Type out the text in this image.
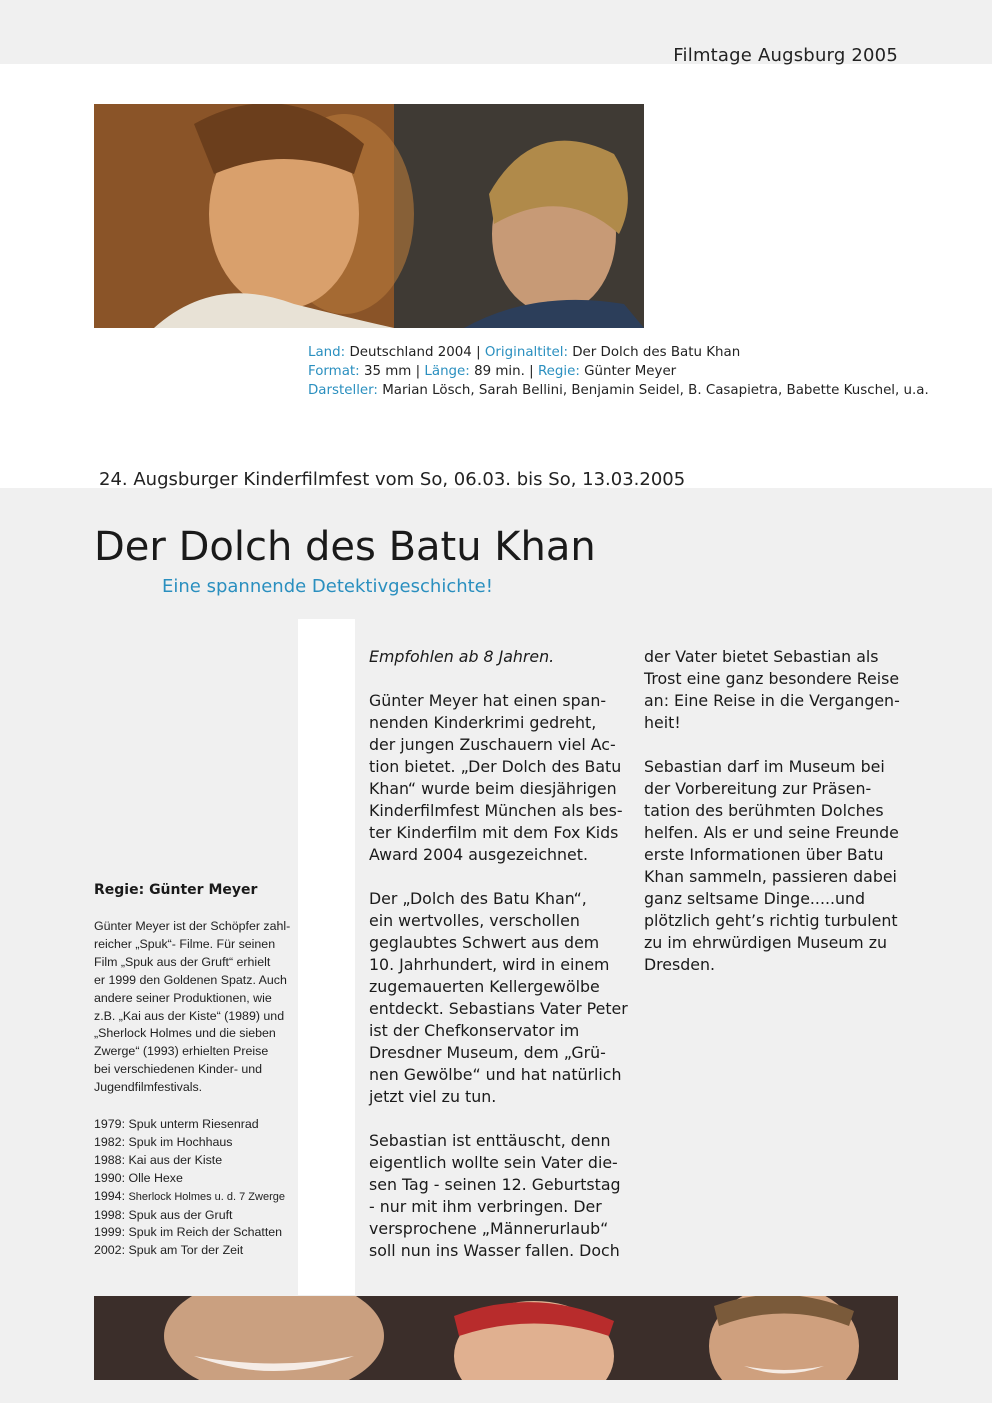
Filmtage Augsburg 2005
Land: Deutschland 2004 | Originaltitel: Der Dolch des Batu Khan
Format: 35 mm | Länge: 89 min. | Regie: Günter Meyer
Darsteller: Marian Lösch, Sarah Bellini, Benjamin Seidel, B. Casapietra, Babette Kuschel, u.a.
24. Augsburger Kinderfilmfest vom So, 06.03. bis So, 13.03.2005
Der Dolch des Batu Khan
Eine spannende Detektivgeschichte!
Regie: Günter Meyer

Günter Meyer ist der Schöpfer zahl-
reicher „Spuk“- Filme. Für seinen
Film „Spuk aus der Gruft“ erhielt
er 1999 den Goldenen Spatz. Auch
andere seiner Produktionen, wie
z.B. „Kai aus der Kiste“ (1989) und
„Sherlock Holmes und die sieben
Zwerge“ (1993) erhielten Preise
bei verschiedenen Kinder- und
Jugendfilmfestivals.

1979: Spuk unterm Riesenrad
1982: Spuk im Hochhaus
1988: Kai aus der Kiste
1990: Olle Hexe
1994: Sherlock Holmes u. d. 7 Zwerge
1998: Spuk aus der Gruft
1999: Spuk im Reich der Schatten
2002: Spuk am Tor der Zeit

Empfohlen ab 8 Jahren.

Günter Meyer hat einen span-
nenden Kinderkrimi gedreht,
der jungen Zuschauern viel Ac-
tion bietet. „Der Dolch des Batu
Khan“ wurde beim diesjährigen
Kinderfilmfest München als bes-
ter Kinderfilm mit dem Fox Kids
Award 2004 ausgezeichnet.

Der „Dolch des Batu Khan“,
ein wertvolles, verschollen
geglaubtes Schwert aus dem
10. Jahrhundert, wird in einem
zugemauerten Kellergewölbe
entdeckt. Sebastians Vater Peter
ist der Chefkonservator im
Dresdner Museum, dem „Grü-
nen Gewölbe“ und hat natürlich
jetzt viel zu tun.

Sebastian ist enttäuscht, denn
eigentlich wollte sein Vater die-
sen Tag - seinen 12. Geburtstag
- nur mit ihm verbringen. Der
versprochene „Männerurlaub“
soll nun ins Wasser fallen. Doch

der Vater bietet Sebastian als
Trost eine ganz besondere Reise
an: Eine Reise in die Vergangen-
heit!

Sebastian darf im Museum bei
der Vorbereitung zur Präsen-
tation des berühmten Dolches
helfen. Als er und seine Freunde
erste Informationen über Batu
Khan sammeln, passieren dabei
ganz seltsame Dinge.....und
plötzlich geht’s richtig turbulent
zu im ehrwürdigen Museum zu
Dresden.
